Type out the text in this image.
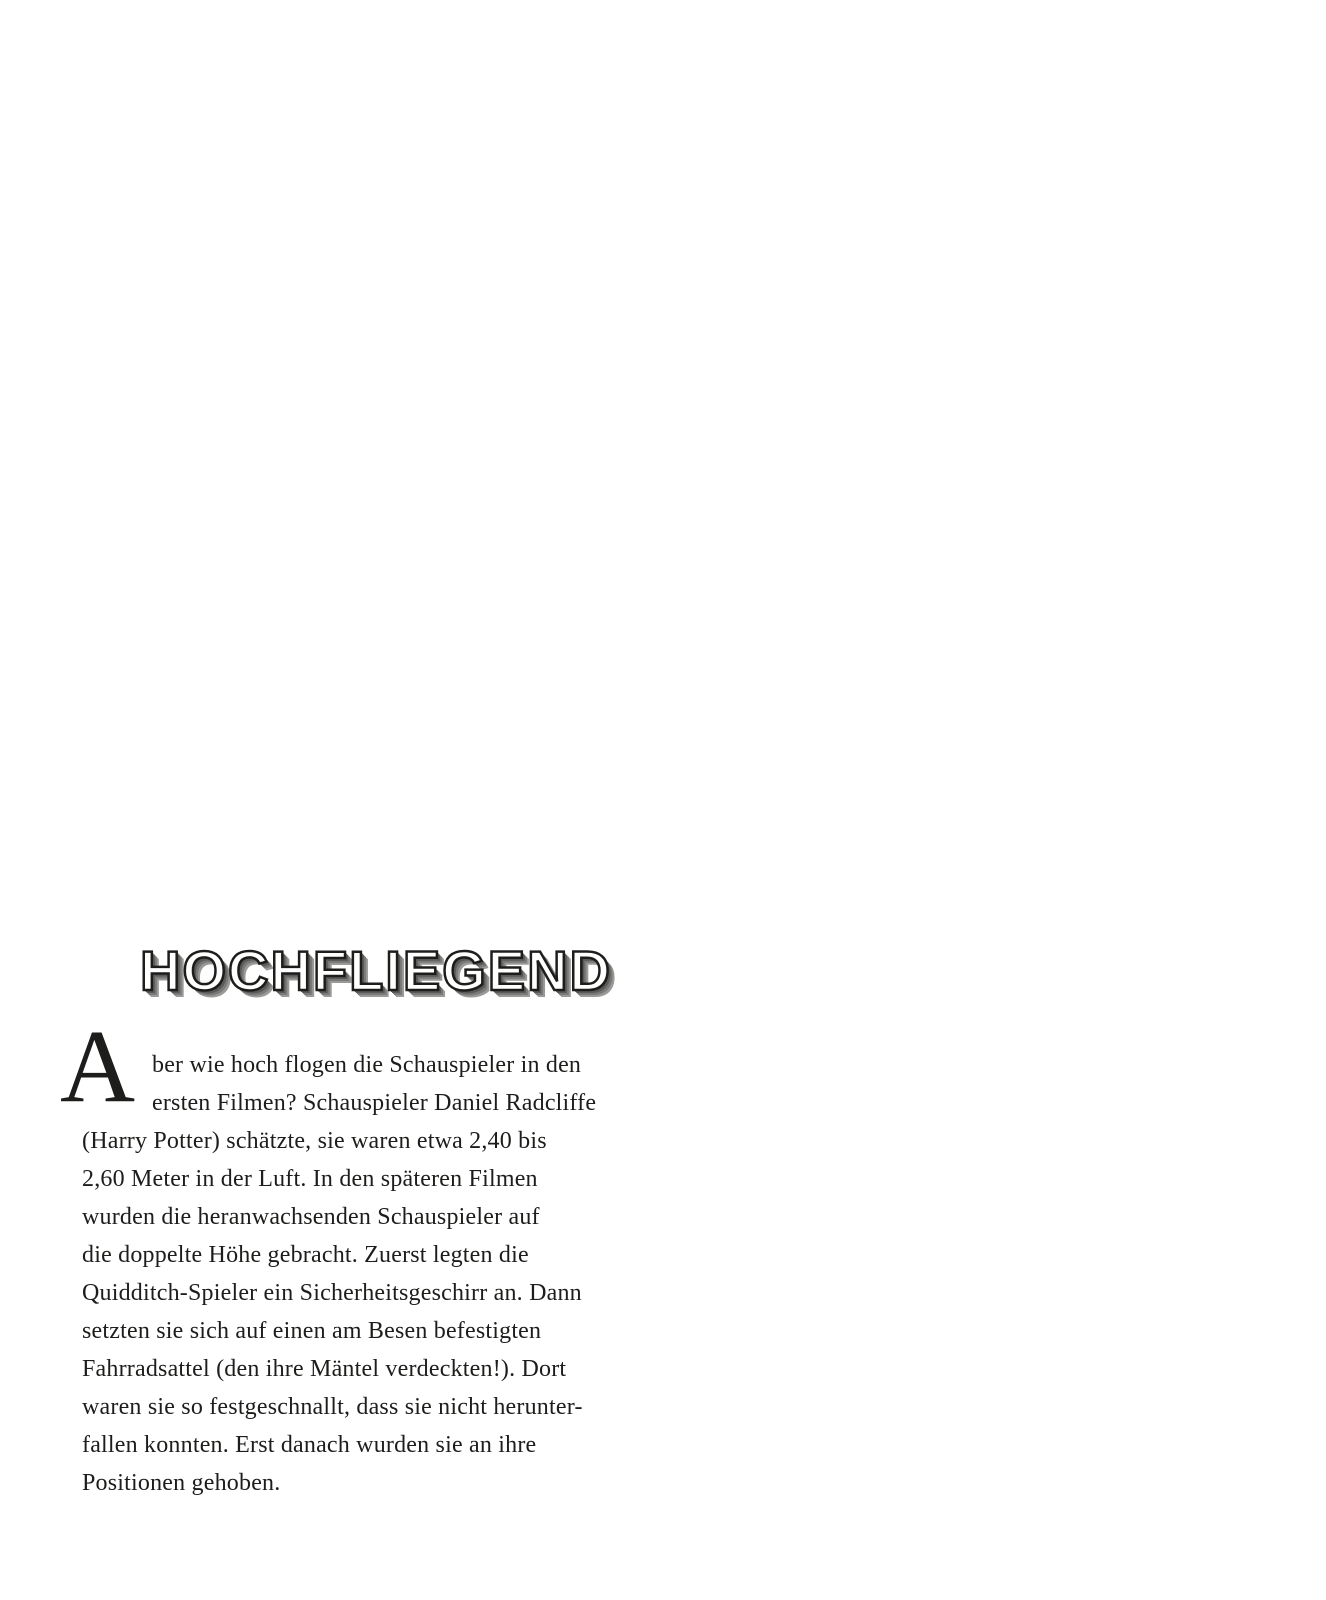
HOCHFLIEGEND
A ber wie hoch flogen die Schauspieler in den
ersten Filmen? Schauspieler Daniel Radcliffe
(Harry Potter) schätzte, sie waren etwa 2,40 bis
2,60 Meter in der Luft. In den späteren Filmen
wurden die heranwachsenden Schauspieler auf
die doppelte Höhe gebracht. Zuerst legten die
Quidditch-Spieler ein Sicherheitsgeschirr an. Dann
setzten sie sich auf einen am Besen befestigten
Fahrradsattel (den ihre Mäntel verdeckten!). Dort
waren sie so festgeschnallt, dass sie nicht herunter-
fallen konnten. Erst danach wurden sie an ihre
Positionen gehoben.
